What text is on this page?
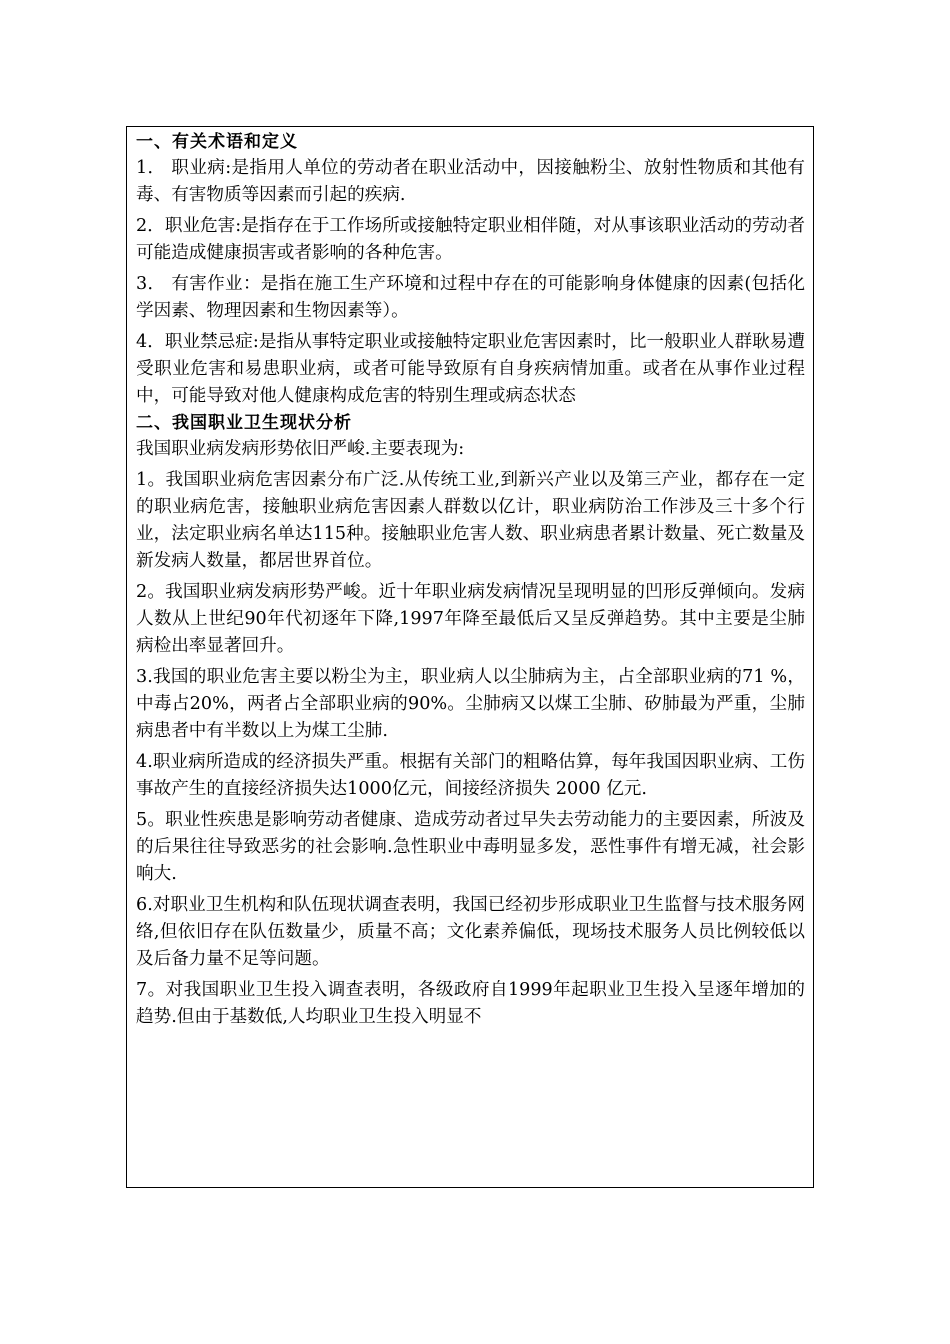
一、有关术语和定义

1． 职业病:是指用人单位的劳动者在职业活动中，因接触粉尘、放射性物质和其他有毒、有害物质等因素而引起的疾病.

2．职业危害:是指存在于工作场所或接触特定职业相伴随，对从事该职业活动的劳动者可能造成健康损害或者影响的各种危害。

3． 有害作业：是指在施工生产环境和过程中存在的可能影响身体健康的因素(包括化学因素、物理因素和生物因素等）。

4．职业禁忌症:是指从事特定职业或接触特定职业危害因素时，比一般职业人群耿易遭受职业危害和易患职业病，或者可能导致原有自身疾病情加重。或者在从事作业过程中，可能导致对他人健康构成危害的特别生理或病态状态

二、我国职业卫生现状分析

我国职业病发病形势依旧严峻.主要表现为:

1。我国职业病危害因素分布广泛.从传统工业,到新兴产业以及第三产业，都存在一定的职业病危害，接触职业病危害因素人群数以亿计，职业病防治工作涉及三十多个行业，法定职业病名单达115种。接触职业危害人数、职业病患者累计数量、死亡数量及新发病人数量，都居世界首位。

2。我国职业病发病形势严峻。近十年职业病发病情况呈现明显的凹形反弹倾向。发病人数从上世纪90年代初逐年下降,1997年降至最低后又呈反弹趋势。其中主要是尘肺病检出率显著回升。

3.我国的职业危害主要以粉尘为主，职业病人以尘肺病为主，占全部职业病的71 %，中毒占20%，两者占全部职业病的90%。尘肺病又以煤工尘肺、矽肺最为严重，尘肺病患者中有半数以上为煤工尘肺.

4.职业病所造成的经济损失严重。根据有关部门的粗略估算，每年我国因职业病、工伤事故产生的直接经济损失达1000亿元，间接经济损失 2000 亿元.

5。职业性疾患是影响劳动者健康、造成劳动者过早失去劳动能力的主要因素，所波及的后果往往导致恶劣的社会影响.急性职业中毒明显多发，恶性事件有增无减，社会影响大.

6.对职业卫生机构和队伍现状调查表明，我国已经初步形成职业卫生监督与技术服务网络,但依旧存在队伍数量少，质量不高；文化素养偏低，现场技术服务人员比例较低以及后备力量不足等问题。

7。对我国职业卫生投入调查表明，各级政府自1999年起职业卫生投入呈逐年增加的趋势.但由于基数低,人均职业卫生投入明显不
